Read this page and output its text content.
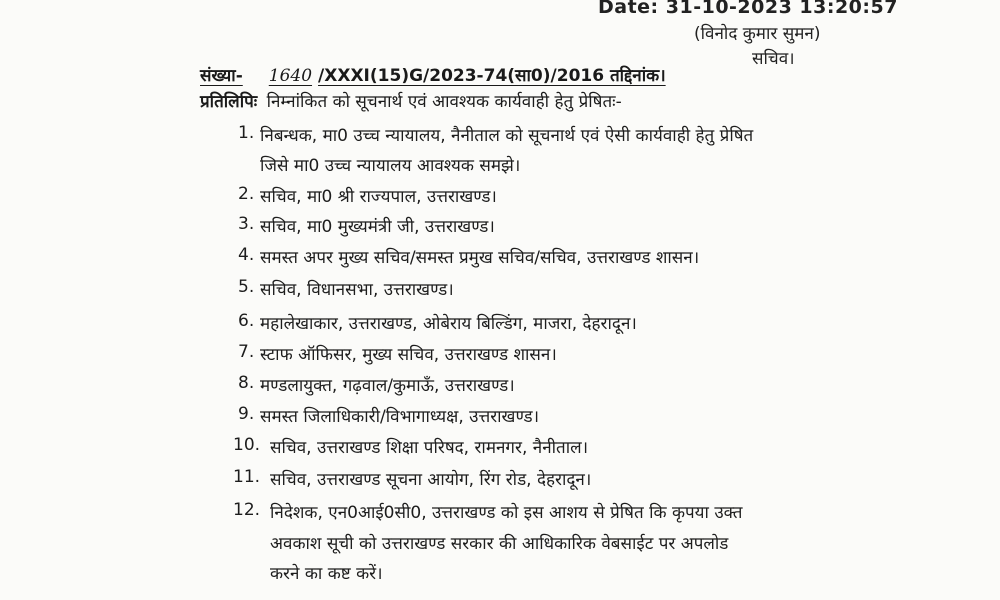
Date: 31-10-2023 13:20:57
(विनोद कुमार सुमन)
सचिव।
संख्या- 1640 /XXXI(15)G/2023-74(सा0)/2016 तद्दिनांक।
प्रतिलिपिः निम्नांकित को सूचनार्थ एवं आवश्यक कार्यवाही हेतु प्रेषितः-
1. निबन्धक, मा0 उच्च न्यायालय, नैनीताल को सूचनार्थ एवं ऐसी कार्यवाही हेतु प्रेषित
जिसे मा0 उच्च न्यायालय आवश्यक समझे।
2. सचिव, मा0 श्री राज्यपाल, उत्तराखण्ड।
3. सचिव, मा0 मुख्यमंत्री जी, उत्तराखण्ड।
4. समस्त अपर मुख्य सचिव/समस्त प्रमुख सचिव/सचिव, उत्तराखण्ड शासन।
5. सचिव, विधानसभा, उत्तराखण्ड।
6. महालेखाकार, उत्तराखण्ड, ओबेराय बिल्डिंग, माजरा, देहरादून।
7. स्टाफ ऑफिसर, मुख्य सचिव, उत्तराखण्ड शासन।
8. मण्डलायुक्त, गढ़वाल/कुमाऊँ, उत्तराखण्ड।
9. समस्त जिलाधिकारी/विभागाध्यक्ष, उत्तराखण्ड।
10. सचिव, उत्तराखण्ड शिक्षा परिषद, रामनगर, नैनीताल।
11. सचिव, उत्तराखण्ड सूचना आयोग, रिंग रोड, देहरादून।
12. निदेशक, एन0आई0सी0, उत्तराखण्ड को इस आशय से प्रेषित कि कृपया उक्त
अवकाश सूची को उत्तराखण्ड सरकार की आधिकारिक वेबसाईट पर अपलोड
करने का कष्ट करें।
